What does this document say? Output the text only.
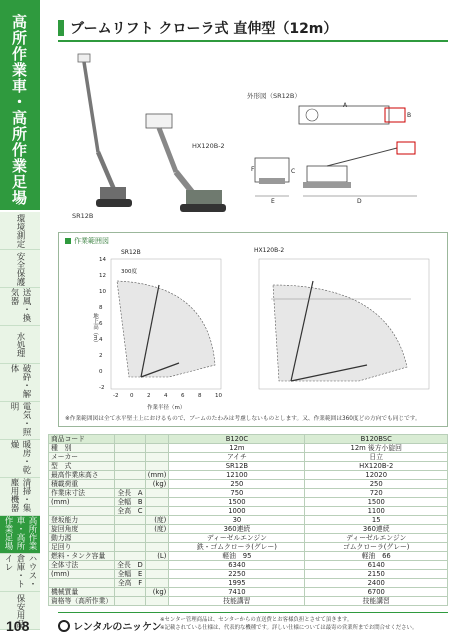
高所作業車・高所作業足場
環境測定
安全保護
送風・換気器
水処理
破砕・解体
電気・照明
暖房・乾燥
清掃・集塵用機器
高所作業車・高所作業足場
ハウス・倉庫・トイレ
保安用品
108
ブームリフト クローラ式 直伸型（12m）
SR12B
HX120B-2
外形図（SR12B）
A
B
C
D
E
F
作業範囲図
SR12B	HX120B-2
300度
地上高（m）
作業半径（m）
14
12
10
8
6
4
2
0
-2
-2 0 2 4 6 8 10
※作業範囲図は全て水平堅土上におけるもので、ブームのたわみは考慮しないものとします。又、作業範囲は360度どの方向でも同じです。
商品コード			B120C	B120BSC
種　別			12m	12m 後方小旋回
メーカー			アイチ	日立
型　式			SR12B	HX120B-2
最高作業床高さ		(mm)	12100	12020
積載荷重		(kg)	250	250
作業床寸法	全長　A		750	720
(mm)	全幅　B		1500	1500
	全高　C		1000	1100
登坂能力		(度)	30	15
旋回角度		(度)	360連続	360連続
動力源			ディーゼルエンジン	ディーゼルエンジン
足回り			鉄・ゴムクローラ(グレー)	ゴムクローラ(グレー)
燃料・タンク容量		(L)	軽油　95	軽油　66
全体寸法	全長　D		6340	6140
(mm)	全幅　E		2250	2150
	全高　F		1995	2400
機械質量		(kg)	7410	6700
資格等（高所作業）			技能講習	技能講習
レンタルのニッケン
※センター管理商品は、センターからの直送費とお客様負担とさせて頂きます。
※記載されている仕様は、代表的な機種です。詳しい仕様については最寄の営業所までお問合せください。
